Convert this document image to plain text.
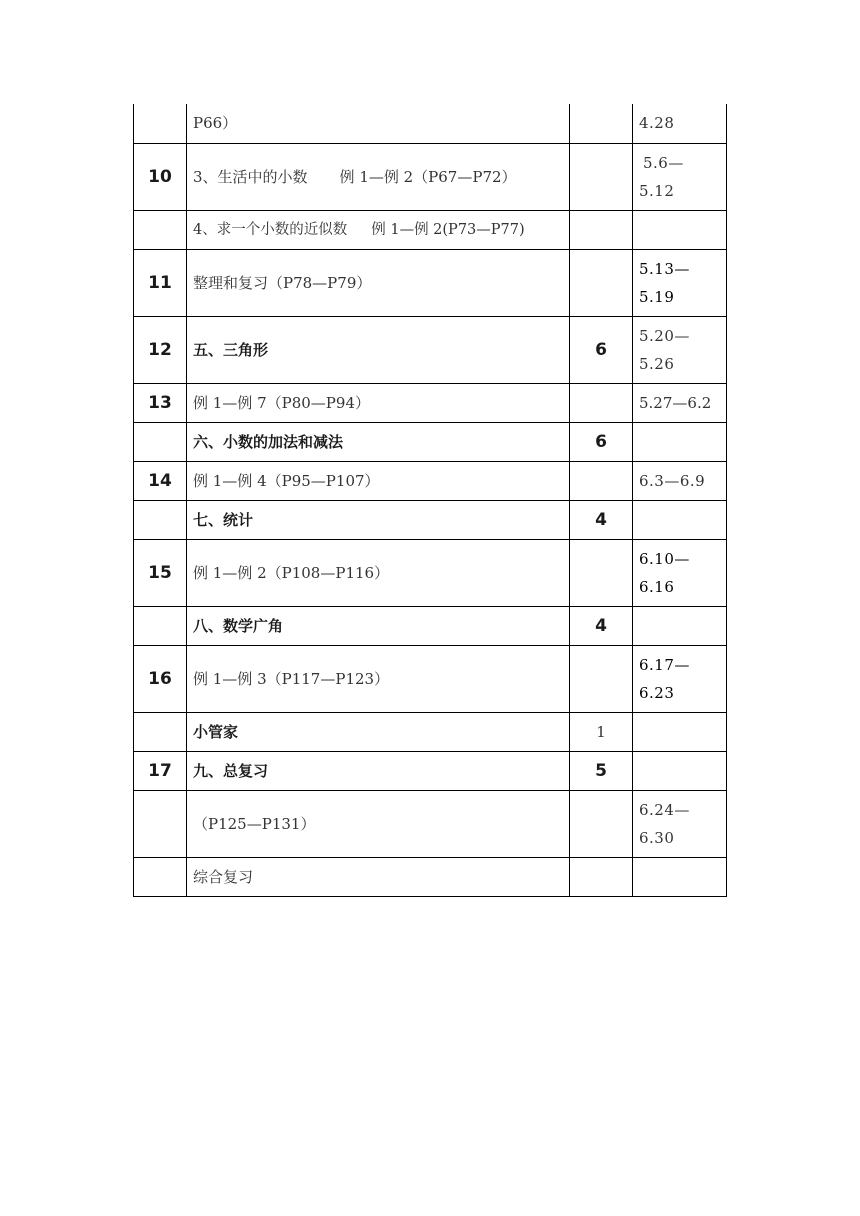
	P66）		4.28

10	3、生活中的小数 例 1—例 2（P67—P72）		5.6—
5.12

	4、求一个小数的近似数 例 1—例 2(P73—P77)		
11	整理和复习（P78—P79）		5.13—
5.19

12	五、三角形	6	5.20—
5.26

13	例 1—例 7（P80—P94）		5.27—6.2
	六、小数的加法和减法	6	
14	例 1—例 4（P95—P107）		6.3—6.9
	七、统计	4	
15	例 1—例 2（P108—P116）		6.10—
6.16

	八、数学广角	4	
16	例 1—例 3（P117—P123）		6.17—
6.23

	小管家	1	
17	九、总复习	5	
	（P125—P131）		6.24—
6.30

	综合复习		
